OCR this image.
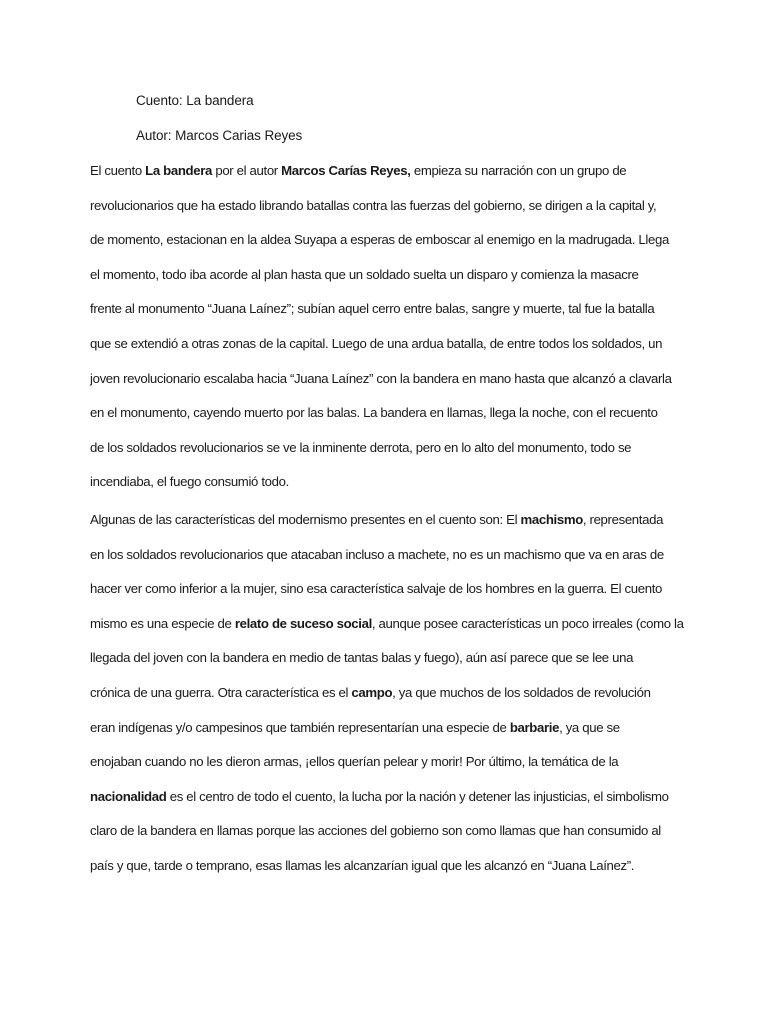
Cuento: La bandera
Autor: Marcos Carias Reyes

El cuento La bandera por el autor Marcos Carías Reyes, empieza su narración con un grupo de
revolucionarios que ha estado librando batallas contra las fuerzas del gobierno, se dirigen a la capital y,
de momento, estacionan en la aldea Suyapa a esperas de emboscar al enemigo en la madrugada. Llega
el momento, todo iba acorde al plan hasta que un soldado suelta un disparo y comienza la masacre
frente al monumento “Juana Laínez”; subían aquel cerro entre balas, sangre y muerte, tal fue la batalla
que se extendió a otras zonas de la capital. Luego de una ardua batalla, de entre todos los soldados, un
joven revolucionario escalaba hacia “Juana Laínez” con la bandera en mano hasta que alcanzó a clavarla
en el monumento, cayendo muerto por las balas. La bandera en llamas, llega la noche, con el recuento
de los soldados revolucionarios se ve la inminente derrota, pero en lo alto del monumento, todo se
incendiaba, el fuego consumió todo.

Algunas de las características del modernismo presentes en el cuento son: El machismo, representada
en los soldados revolucionarios que atacaban incluso a machete, no es un machismo que va en aras de
hacer ver como inferior a la mujer, sino esa característica salvaje de los hombres en la guerra. El cuento
mismo es una especie de relato de suceso social, aunque posee características un poco irreales (como la
llegada del joven con la bandera en medio de tantas balas y fuego), aún así parece que se lee una
crónica de una guerra. Otra característica es el campo, ya que muchos de los soldados de revolución
eran indígenas y/o campesinos que también representarían una especie de barbarie, ya que se
enojaban cuando no les dieron armas, ¡ellos querían pelear y morir! Por último, la temática de la
nacionalidad es el centro de todo el cuento, la lucha por la nación y detener las injusticias, el simbolismo
claro de la bandera en llamas porque las acciones del gobierno son como llamas que han consumido al
país y que, tarde o temprano, esas llamas les alcanzarían igual que les alcanzó en “Juana Laínez”.
